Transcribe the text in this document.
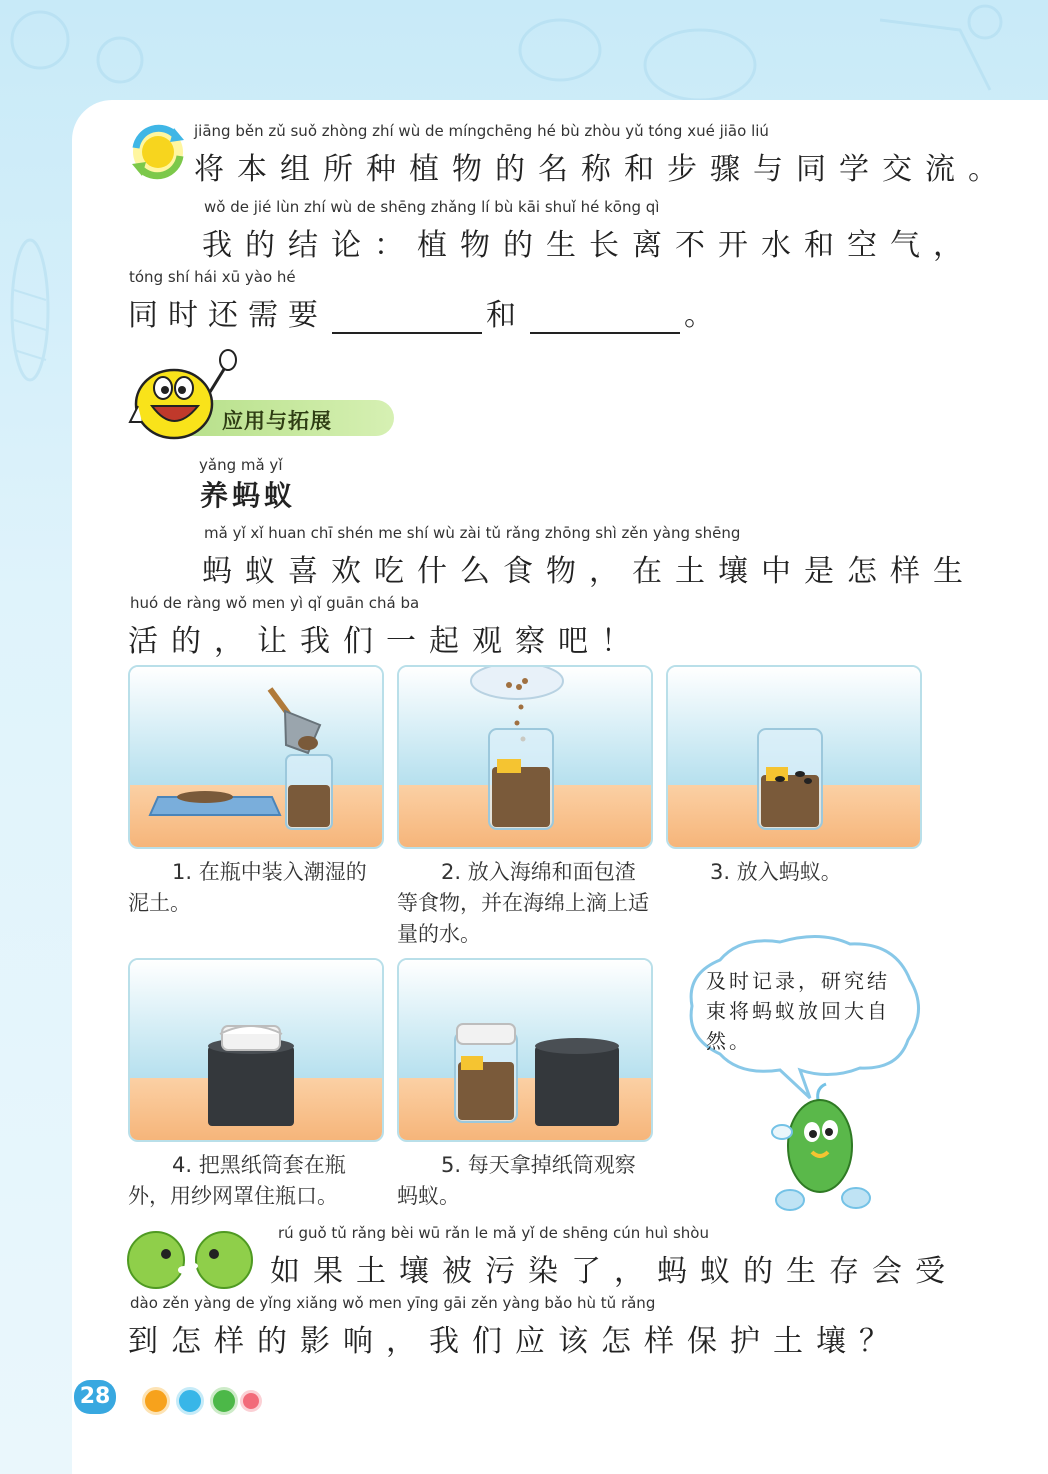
jiāng běn zǔ suǒ zhòng zhí wù de míngchēng hé bù zhòu yǔ tóng xué jiāo liú
将本组所种植物的名称和步骤与同学交流。
wǒ de jié lùn zhí wù de shēng zhǎng lí bù kāi shuǐ hé kōng qì
我的结论：植物的生长离不开水和空气，
tóng shí hái xū yào hé
同时还需要	和	。
应用与拓展
yǎng mǎ yǐ
养蚂蚁
mǎ yǐ xǐ huan chī shén me shí wù zài tǔ rǎng zhōng shì zěn yàng shēng
蚂蚁喜欢吃什么食物，在土壤中是怎样生
huó de ràng wǒ men yì qǐ guān chá ba
活的，让我们一起观察吧！
1. 在瓶中装入潮湿的
泥土。
2. 放入海绵和面包渣
等食物，并在海绵上滴上适量的水。
3. 放入蚂蚁。
4. 把黑纸筒套在瓶
外，用纱网罩住瓶口。
5. 每天拿掉纸筒观察
蚂蚁。
及时记录，研究结束将蚂蚁放回大自然。
rú guǒ tǔ rǎng bèi wū rǎn le mǎ yǐ de shēng cún huì shòu
如果土壤被污染了，蚂蚁的生存会受
dào zěn yàng de yǐng xiǎng wǒ men yīng gāi zěn yàng bǎo hù tǔ rǎng
到怎样的影响，我们应该怎样保护土壤？
28
